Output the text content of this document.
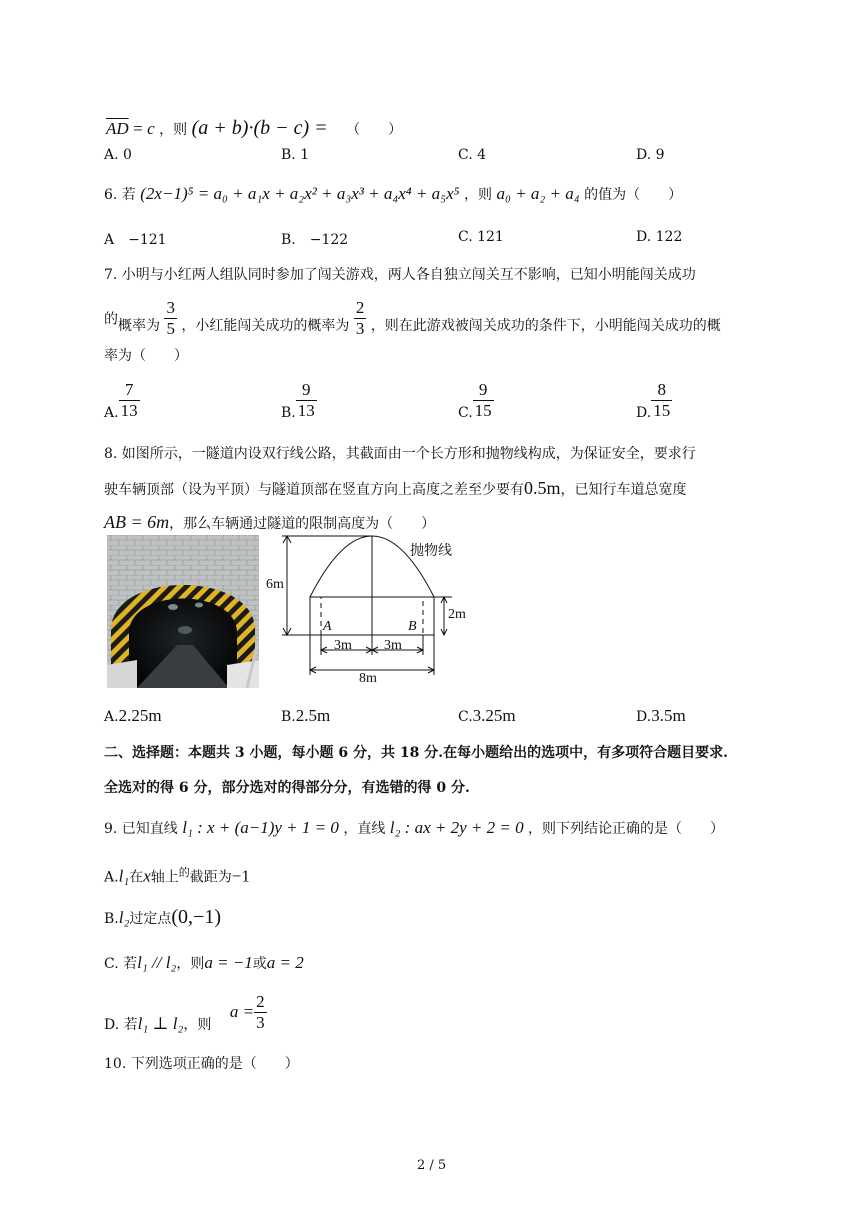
$\overline{AD} = c$ ，则 (a + b)·(b − c) = （　　）
A. 0	B. 1	C. 4	D. 9
6. 若 (2x−1)⁵ = a₀ + a₁x + a₂x² + a₃x³ + a₄x⁴ + a₅x⁵ ，则 a₀ + a₂ + a₄ 的值为（　　）
A　−121	B.　−122	C. 121	D. 122
7. 小明与小红两人组队同时参加了闯关游戏，两人各自独立闯关互不影响，已知小明能闯关成功
的概率为 $\frac{3}{5}$ ，小红能闯关成功的概率为 $\frac{2}{3}$ ，则在此游戏被闯关成功的条件下，小明能闯关成功的概
率为（　　）
A. $\frac{7}{13}$	B. $\frac{9}{13}$	C. $\frac{9}{15}$	D. $\frac{8}{15}$
8. 如图所示，一隧道内设双行线公路，其截面由一个长方形和抛物线构成，为保证安全，要求行
驶车辆顶部（设为平顶）与隧道顶部在竖直方向上高度之差至少要有0.5m，已知行车道总宽度
AB = 6m，那么车辆通过隧道的限制高度为（　　）
抛物线
6m
2m
A	B
3m 3m
8m
A.2.25m	B.2.5m	C.3.25m	D.3.5m
二、选择题：本题共 3 小题，每小题 6 分，共 18 分.在每小题给出的选项中，有多项符合题目要求.
全选对的得 6 分，部分选对的得部分分，有选错的得 0 分.
9. 已知直线 l₁ : x + (a−1)y + 1 = 0 ，直线 l₂ : ax + 2y + 2 = 0 ，则下列结论正确的是（　　）
A.l₁在x轴上$^的$截距为−1
B.l₂过定点(0,−1)
C. 若l₁ // l₂，则a = −1或a = 2
D. 若l₁ ⊥ l₂，则 $a = \frac{2}{3}$
10. 下列选项正确的是（　　）
2 / 5
